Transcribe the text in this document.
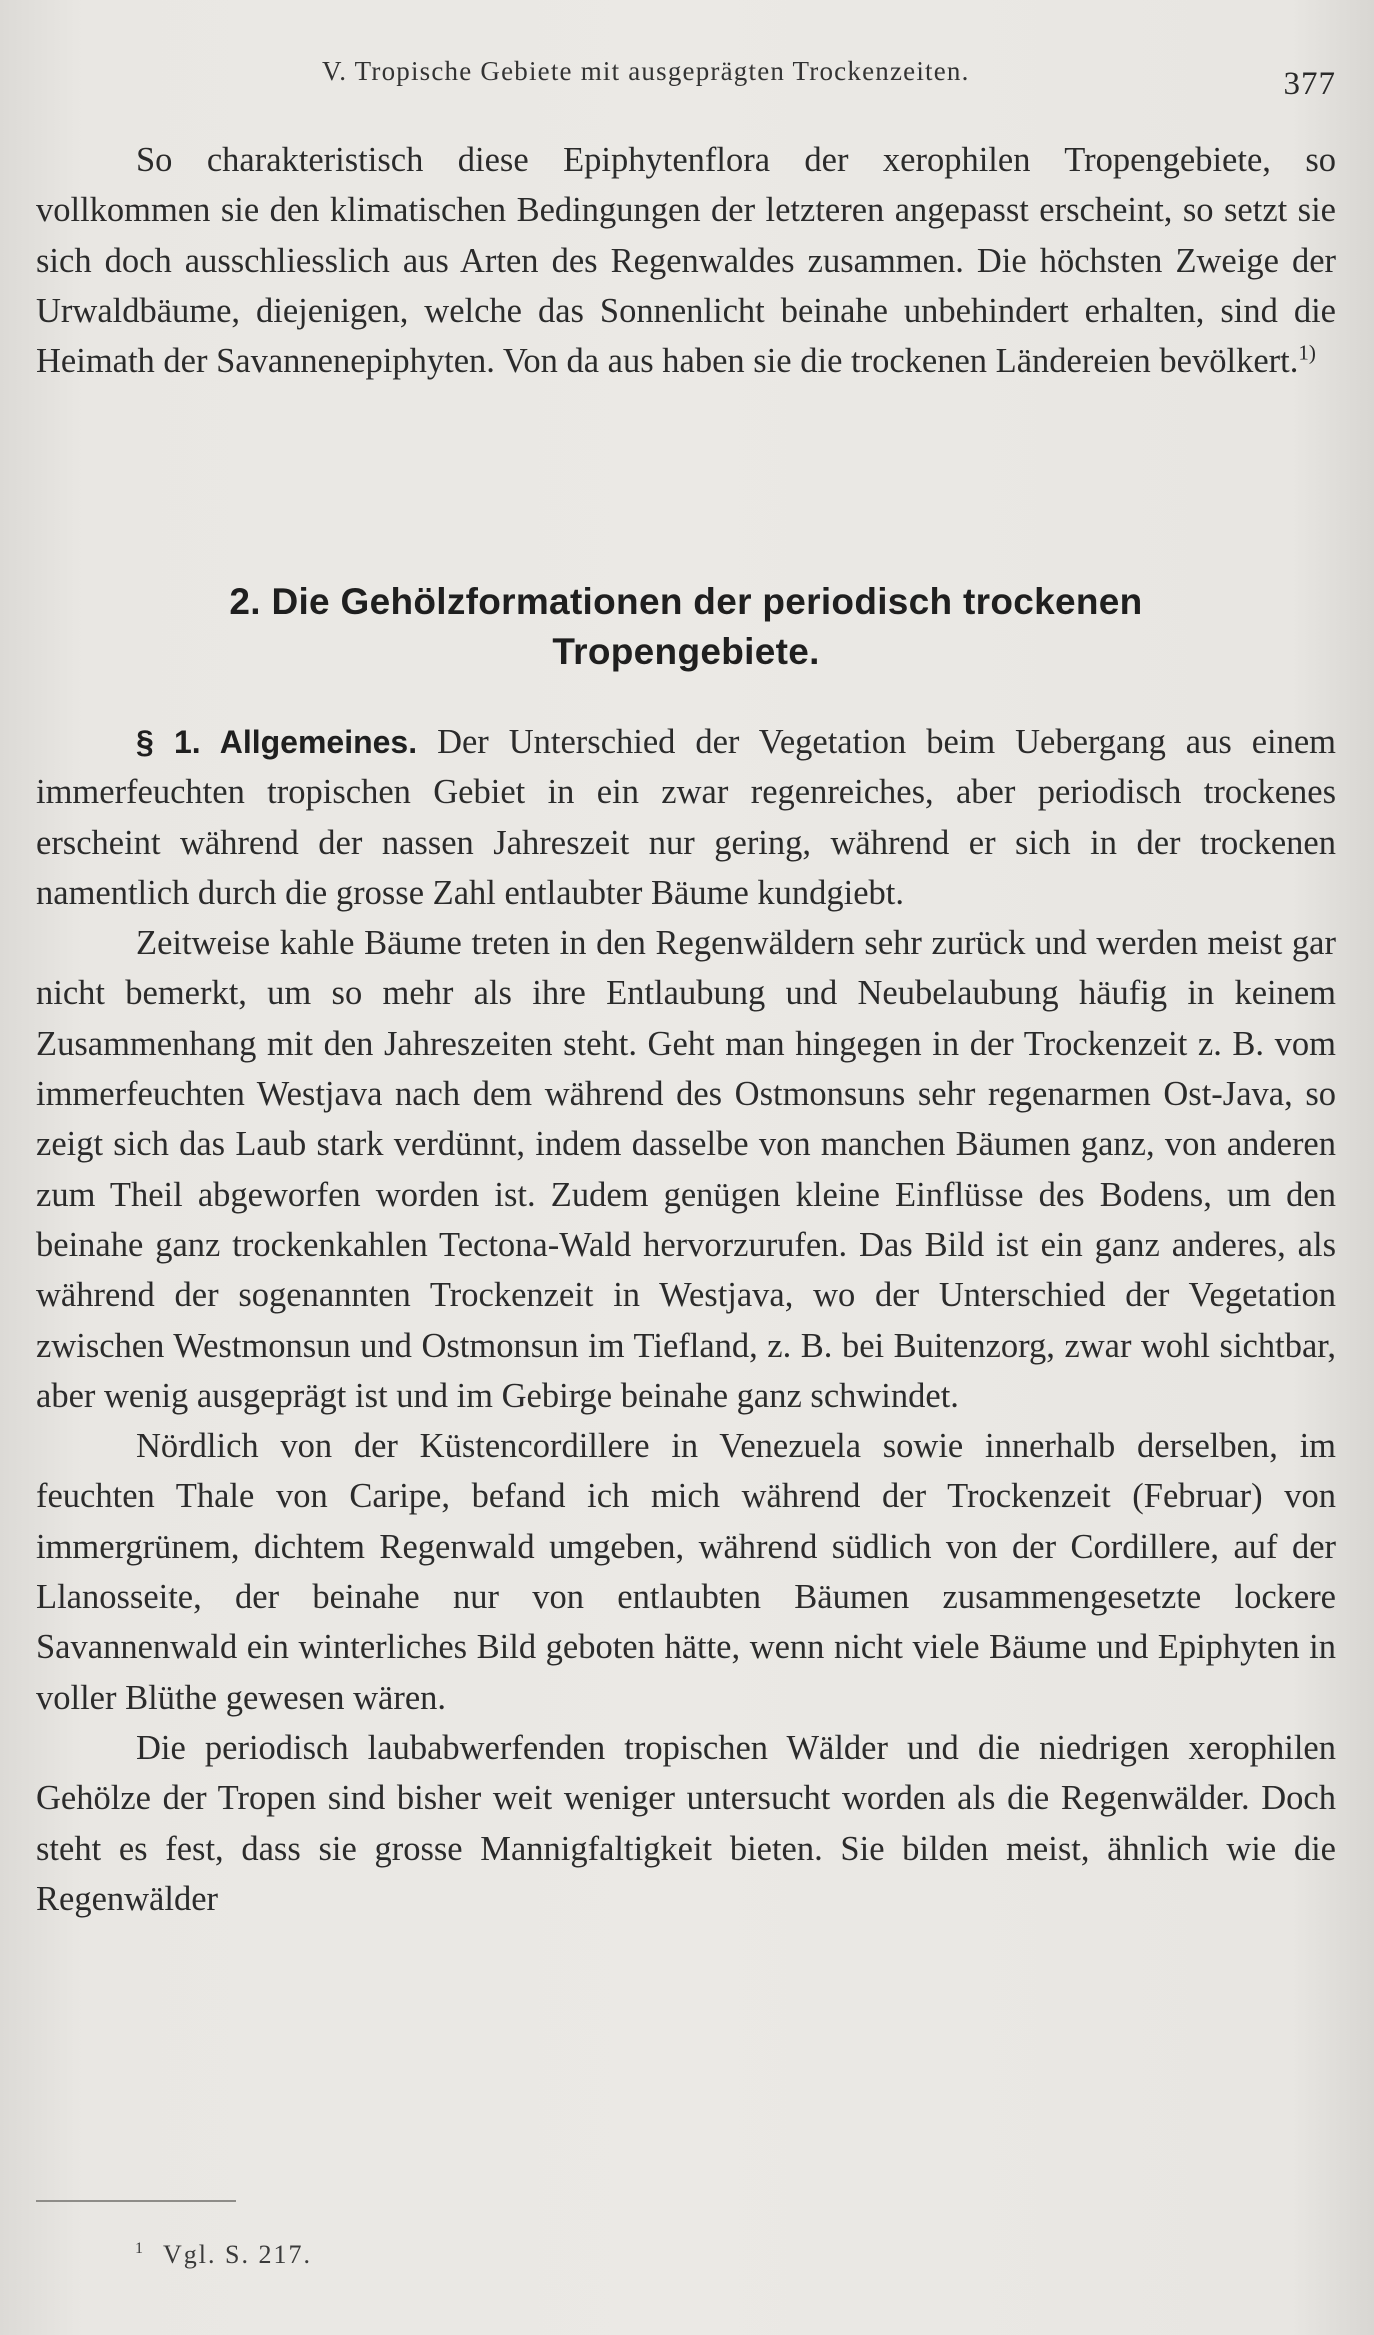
V. Tropische Gebiete mit ausgeprägten Trockenzeiten.	377

So charakteristisch diese Epiphytenflora der xerophilen Tropengebiete, so vollkommen sie den klimatischen Bedingungen der letzteren angepasst erscheint, so setzt sie sich doch ausschliesslich aus Arten des Regenwaldes zusammen. Die höchsten Zweige der Urwaldbäume, diejenigen, welche das Sonnenlicht beinahe unbehindert erhalten, sind die Heimath der Savannenepiphyten. Von da aus haben sie die trockenen Ländereien bevölkert.$^{1)}$

2. Die Gehölzformationen der periodisch trockenen
Tropengebiete.

§ 1. Allgemeines. Der Unterschied der Vegetation beim Uebergang aus einem immerfeuchten tropischen Gebiet in ein zwar regenreiches, aber periodisch trockenes erscheint während der nassen Jahreszeit nur gering, während er sich in der trockenen namentlich durch die grosse Zahl entlaubter Bäume kundgiebt.

Zeitweise kahle Bäume treten in den Regenwäldern sehr zurück und werden meist gar nicht bemerkt, um so mehr als ihre Entlaubung und Neubelaubung häufig in keinem Zusammenhang mit den Jahreszeiten steht. Geht man hingegen in der Trockenzeit z. B. vom immerfeuchten Westjava nach dem während des Ostmonsuns sehr regenarmen Ost-Java, so zeigt sich das Laub stark verdünnt, indem dasselbe von manchen Bäumen ganz, von anderen zum Theil abgeworfen worden ist. Zudem genügen kleine Einflüsse des Bodens, um den beinahe ganz trockenkahlen Tectona-Wald hervorzurufen. Das Bild ist ein ganz anderes, als während der sogenannten Trockenzeit in Westjava, wo der Unterschied der Vegetation zwischen Westmonsun und Ostmonsun im Tiefland, z. B. bei Buitenzorg, zwar wohl sichtbar, aber wenig ausgeprägt ist und im Gebirge beinahe ganz schwindet.

Nördlich von der Küstencordillere in Venezuela sowie innerhalb derselben, im feuchten Thale von Caripe, befand ich mich während der Trockenzeit (Februar) von immergrünem, dichtem Regenwald umgeben, während südlich von der Cordillere, auf der Llanosseite, der beinahe nur von entlaubten Bäumen zusammengesetzte lockere Savannenwald ein winterliches Bild geboten hätte, wenn nicht viele Bäume und Epiphyten in voller Blüthe gewesen wären.

Die periodisch laubabwerfenden tropischen Wälder und die niedrigen xerophilen Gehölze der Tropen sind bisher weit weniger untersucht worden als die Regenwälder. Doch steht es fest, dass sie grosse Mannigfaltigkeit bieten. Sie bilden meist, ähnlich wie die Regenwälder

$^1$ Vgl. S. 217.
